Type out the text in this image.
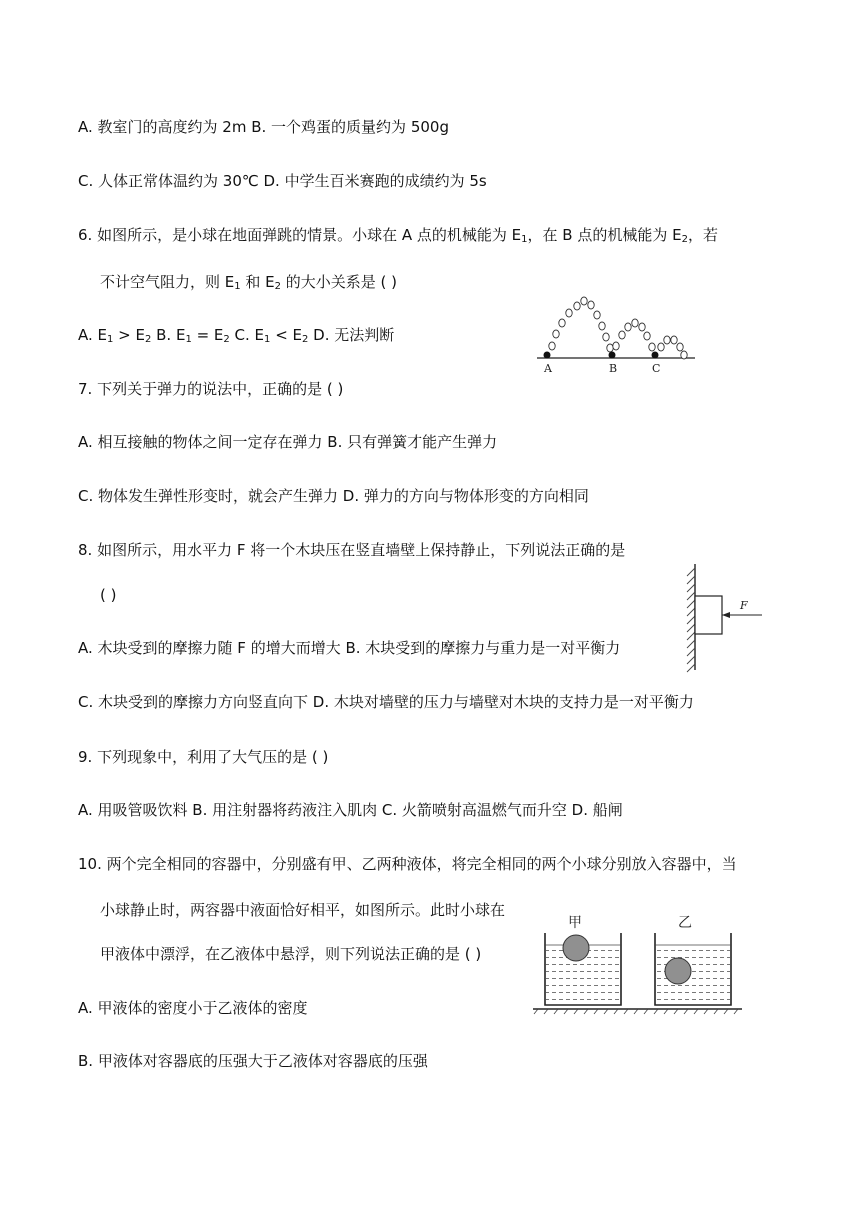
A. 教室门的高度约为 2m B. 一个鸡蛋的质量约为 500g
C. 人体正常体温约为 30℃ D. 中学生百米赛跑的成绩约为 5s
6. 如图所示，是小球在地面弹跳的情景。小球在 A 点的机械能为 $E_1$，在 B 点的机械能为 $E_2$，若
不计空气阻力，则 $E_1$ 和 $E_2$ 的大小关系是 ( )
A. $E_1 > E_2$ B. $E_1 = E_2$ C. $E_1 < E_2$ D. 无法判断
A	B	C
7. 下列关于弹力的说法中，正确的是 ( )
A. 相互接触的物体之间一定存在弹力 B. 只有弹簧才能产生弹力
C. 物体发生弹性形变时，就会产生弹力 D. 弹力的方向与物体形变的方向相同
8. 如图所示，用水平力 F 将一个木块压在竖直墙壁上保持静止，下列说法正确的是
( )
A. 木块受到的摩擦力随 F 的增大而增大 B. 木块受到的摩擦力与重力是一对平衡力
C. 木块受到的摩擦力方向竖直向下 D. 木块对墙壁的压力与墙壁对木块的支持力是一对平衡力
F
9. 下列现象中，利用了大气压的是 ( )
A. 用吸管吸饮料 B. 用注射器将药液注入肌肉 C. 火箭喷射高温燃气而升空 D. 船闸
10. 两个完全相同的容器中，分别盛有甲、乙两种液体，将完全相同的两个小球分别放入容器中，当
小球静止时，两容器中液面恰好相平，如图所示。此时小球在
甲液体中漂浮，在乙液体中悬浮，则下列说法正确的是 ( )
A. 甲液体的密度小于乙液体的密度
B. 甲液体对容器底的压强大于乙液体对容器底的压强
甲	乙
